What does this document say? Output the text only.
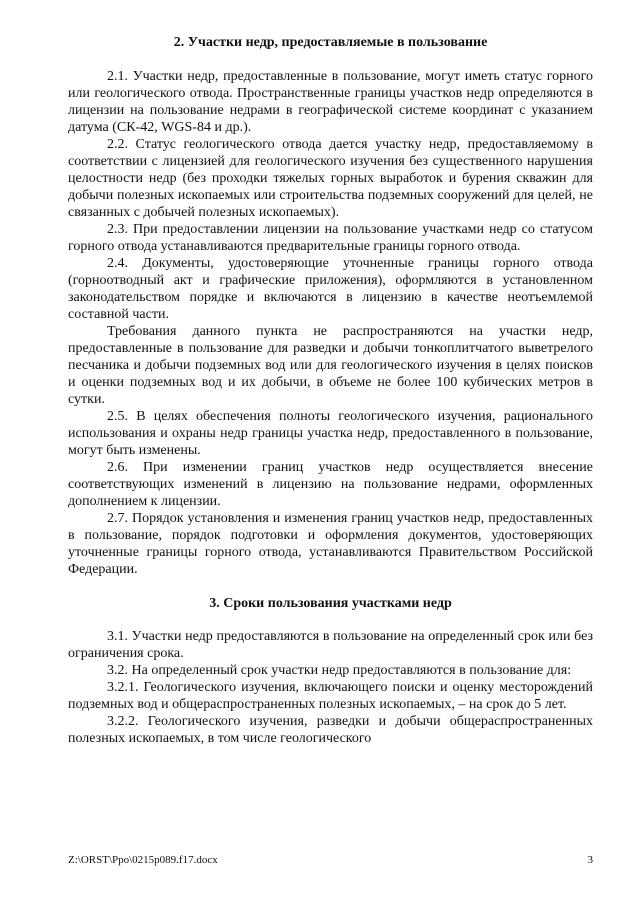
2. Участки недр, предоставляемые в пользование

2.1. Участки недр, предоставленные в пользование, могут иметь статус горного или геологического отвода. Пространственные границы участков недр определяются в лицензии на пользование недрами в географической системе координат с указанием датума (СК-42, WGS-84 и др.).

2.2. Статус геологического отвода дается участку недр, предоставляемому в соответствии с лицензией для геологического изучения без существенного нарушения целостности недр (без проходки тяжелых горных выработок и бурения скважин для добычи полезных ископаемых или строительства подземных сооружений для целей, не связанных с добычей полезных ископаемых).

2.3. При предоставлении лицензии на пользование участками недр со статусом горного отвода устанавливаются предварительные границы горного отвода.

2.4. Документы, удостоверяющие уточненные границы горного отвода (горноотводный акт и графические приложения), оформляются в установленном законодательством порядке и включаются в лицензию в качестве неотъемлемой составной части.

Требования данного пункта не распространяются на участки недр, предоставленные в пользование для разведки и добычи тонкоплитчатого выветрелого песчаника и добычи подземных вод или для геологического изучения в целях поисков и оценки подземных вод и их добычи, в объеме не более 100 кубических метров в сутки.

2.5. В целях обеспечения полноты геологического изучения, рационального использования и охраны недр границы участка недр, предоставленного в пользование, могут быть изменены.

2.6. При изменении границ участков недр осуществляется внесение соответствующих изменений в лицензию на пользование недрами, оформленных дополнением к лицензии.

2.7. Порядок установления и изменения границ участков недр, предоставленных в пользование, порядок подготовки и оформления документов, удостоверяющих уточненные границы горного отвода, устанавливаются Правительством Российской Федерации.

3. Сроки пользования участками недр

3.1. Участки недр предоставляются в пользование на определенный срок или без ограничения срока.

3.2. На определенный срок участки недр предоставляются в пользование для:

3.2.1. Геологического изучения, включающего поиски и оценку месторождений подземных вод и общераспространенных полезных ископаемых, – на срок до 5 лет.

3.2.2. Геологического изучения, разведки и добычи общераспространенных полезных ископаемых, в том числе геологического

Z:\ORST\Ppo\0215p089.f17.docx	3
